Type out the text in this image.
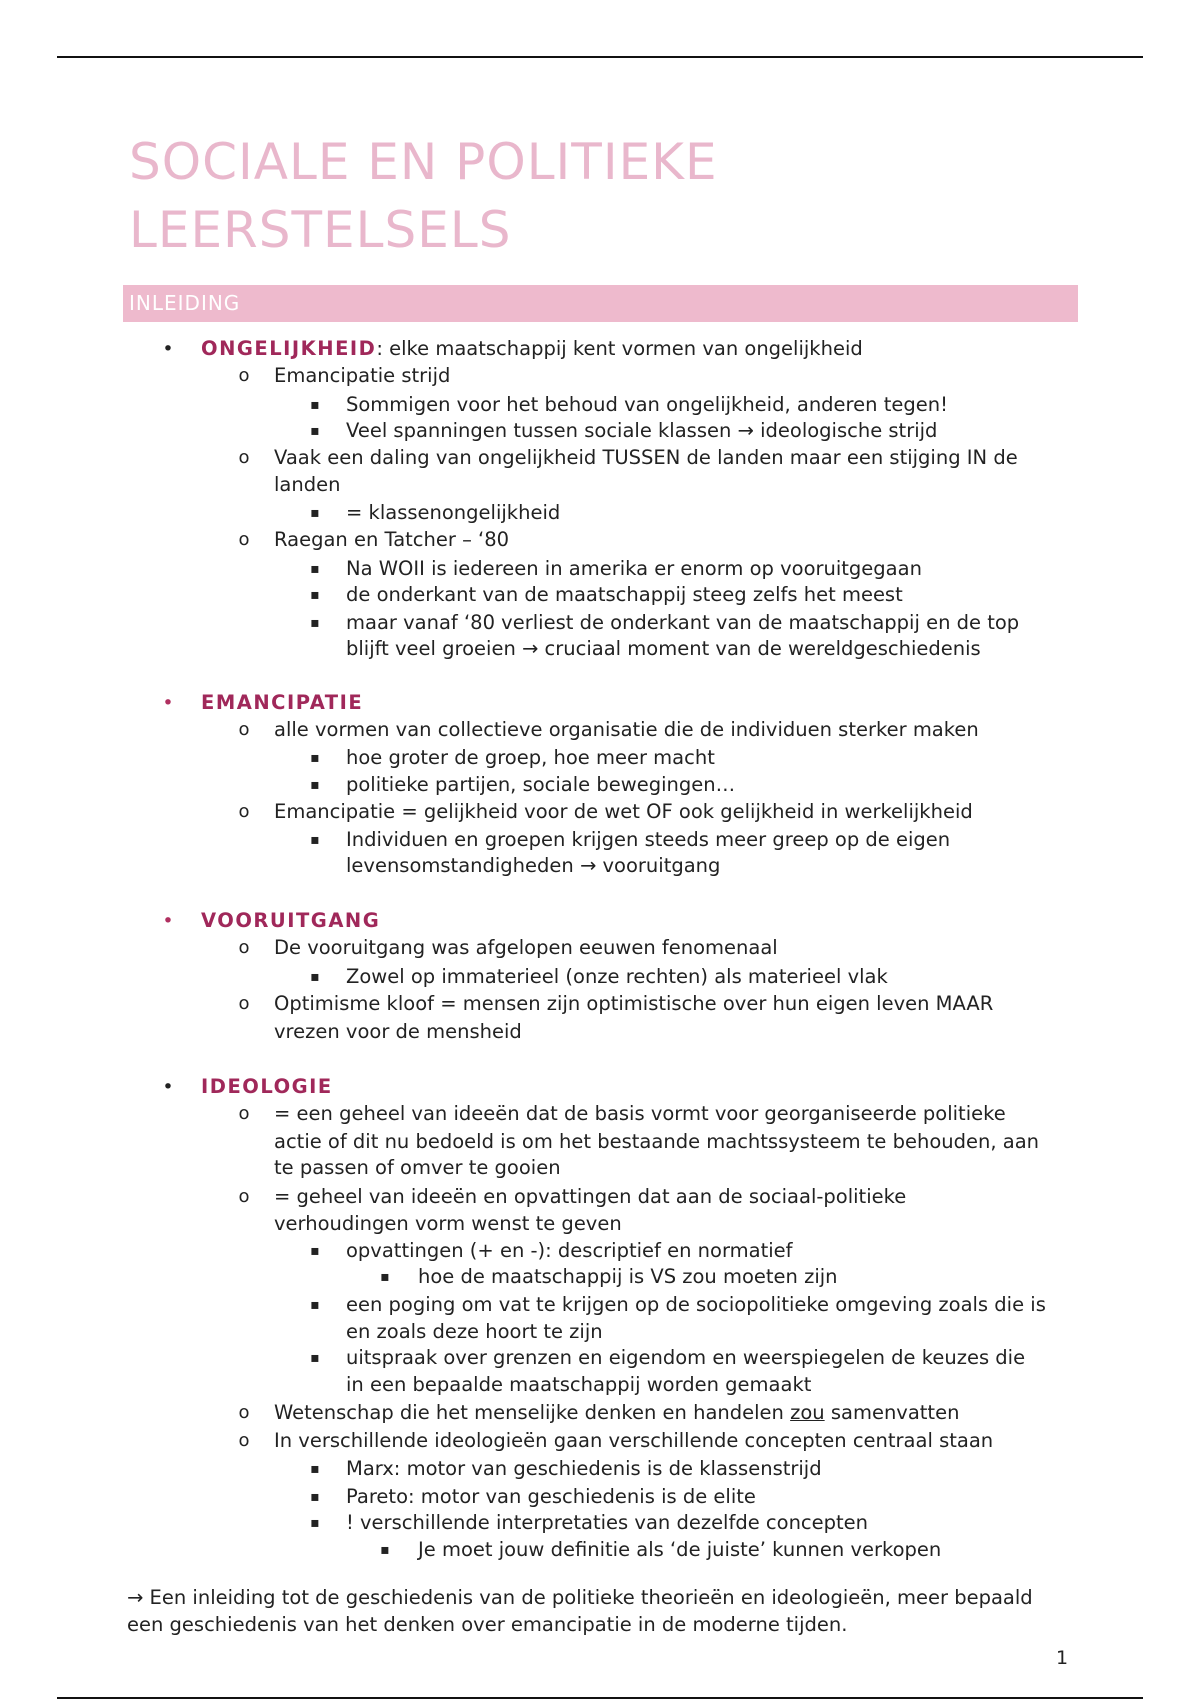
SOCIALE EN POLITIEKE
LEERSTELSELS
INLEIDING
• ONGELIJKHEID: elke maatschappij kent vormen van ongelijkheid
o Emancipatie strijd
▪ Sommigen voor het behoud van ongelijkheid, anderen tegen!
▪ Veel spanningen tussen sociale klassen → ideologische strijd
o Vaak een daling van ongelijkheid TUSSEN de landen maar een stijging IN de
landen
▪ = klassenongelijkheid
o Raegan en Tatcher – ‘80
▪ Na WOII is iedereen in amerika er enorm op vooruitgegaan
▪ de onderkant van de maatschappij steeg zelfs het meest
▪ maar vanaf ‘80 verliest de onderkant van de maatschappij en de top
blijft veel groeien → cruciaal moment van de wereldgeschiedenis
• EMANCIPATIE
o alle vormen van collectieve organisatie die de individuen sterker maken
▪ hoe groter de groep, hoe meer macht
▪ politieke partijen, sociale bewegingen…
o Emancipatie = gelijkheid voor de wet OF ook gelijkheid in werkelijkheid
▪ Individuen en groepen krijgen steeds meer greep op de eigen
levensomstandigheden → vooruitgang
• VOORUITGANG
o De vooruitgang was afgelopen eeuwen fenomenaal
▪ Zowel op immaterieel (onze rechten) als materieel vlak
o Optimisme kloof = mensen zijn optimistische over hun eigen leven MAAR
vrezen voor de mensheid
• IDEOLOGIE
o = een geheel van ideeën dat de basis vormt voor georganiseerde politieke
actie of dit nu bedoeld is om het bestaande machtssysteem te behouden, aan
te passen of omver te gooien
o = geheel van ideeën en opvattingen dat aan de sociaal-politieke
verhoudingen vorm wenst te geven
▪ opvattingen (+ en -): descriptief en normatief
▪ hoe de maatschappij is VS zou moeten zijn
▪ een poging om vat te krijgen op de sociopolitieke omgeving zoals die is
en zoals deze hoort te zijn
▪ uitspraak over grenzen en eigendom en weerspiegelen de keuzes die
in een bepaalde maatschappij worden gemaakt
o Wetenschap die het menselijke denken en handelen zou samenvatten
o In verschillende ideologieën gaan verschillende concepten centraal staan
▪ Marx: motor van geschiedenis is de klassenstrijd
▪ Pareto: motor van geschiedenis is de elite
▪ ! verschillende interpretaties van dezelfde concepten
▪ Je moet jouw definitie als ‘de juiste’ kunnen verkopen
→ Een inleiding tot de geschiedenis van de politieke theorieën en ideologieën, meer bepaald
een geschiedenis van het denken over emancipatie in de moderne tijden.
1
